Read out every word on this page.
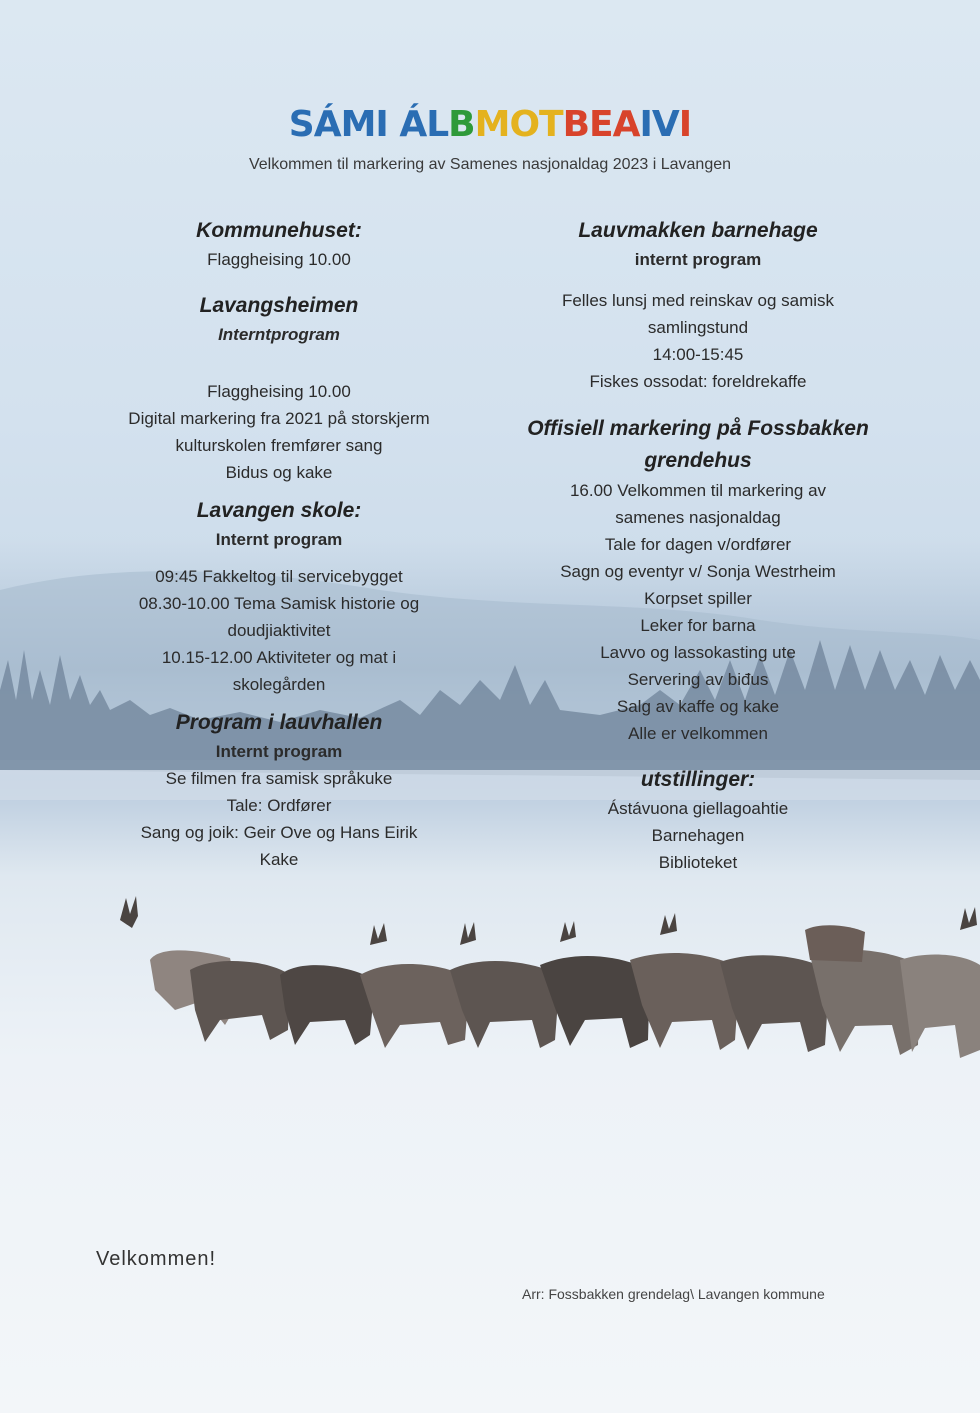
SÁMI ÁLBMOTBEAIVI

Velkommen til markering av Samenes nasjonaldag 2023 i Lavangen

Kommunehuset:

Flaggheising 10.00

Lavangsheimen

Interntprogram

Flaggheising 10.00

Digital markering fra 2021 på storskjerm

kulturskolen fremfører sang

Bidus og kake

Lavangen skole:

Internt program

09:45 Fakkeltog til servicebygget

08.30-10.00 Tema Samisk historie og

doudjiaktivitet

10.15-12.00 Aktiviteter og mat i

skolegården

Program i lauvhallen

Internt program

Se filmen fra samisk språkuke

Tale: Ordfører

Sang og joik: Geir Ove og Hans Eirik

Kake

Lauvmakken barnehage

internt program

Felles lunsj med reinskav og samisk

samlingstund

14:00-15:45

Fiskes ossodat: foreldrekaffe

Offisiell markering på Fossbakken
grendehus

16.00 Velkommen til markering av

samenes nasjonaldag

Tale for dagen v/ordfører

Sagn og eventyr v/ Sonja Westrheim

Korpset spiller

Leker for barna

Lavvo og lassokasting ute

Servering av biđus

Salg av kaffe og kake

Alle er velkommen

utstillinger:

Ástávuona giellagoahtie

Barnehagen

Biblioteket

Velkommen!
Arr: Fossbakken grendelag\ Lavangen kommune
